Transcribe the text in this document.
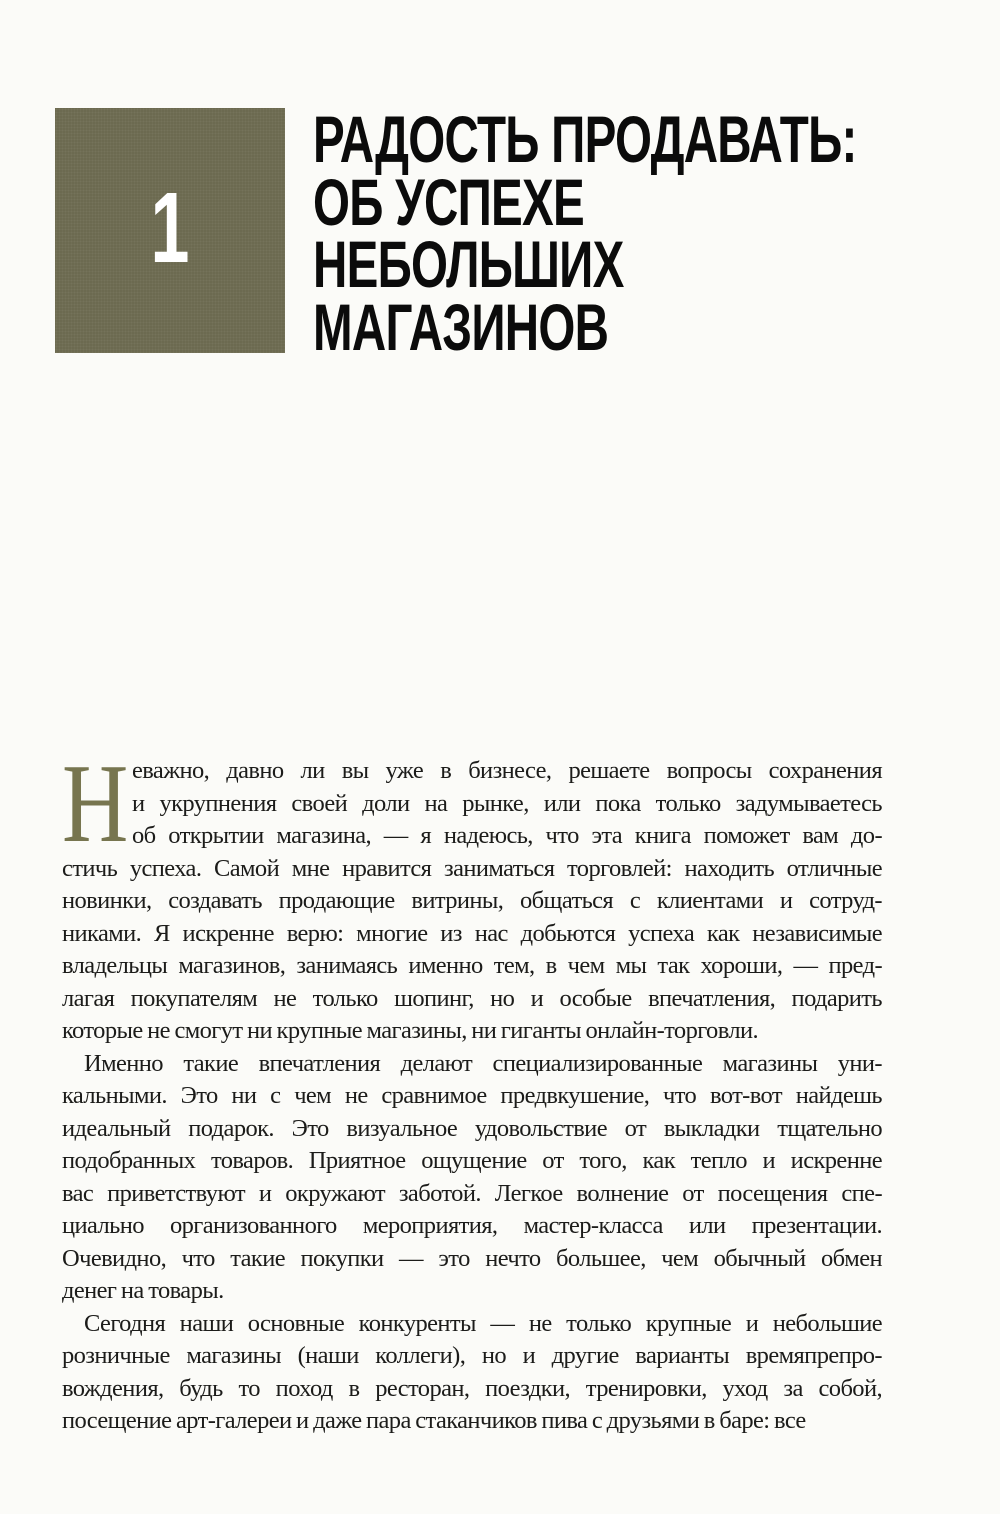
1
РАДОСТЬ ПРОДАВАТЬ:
ОБ УСПЕХЕ
НЕБОЛЬШИХ
МАГАЗИНОВ
Н еважно, давно ли вы уже в бизнесе, решаете вопросы сохранения
и укрупнения своей доли на рынке, или пока только задумываетесь
об открытии магазина, — я надеюсь, что эта книга поможет вам до-
стичь успеха. Самой мне нравится заниматься торговлей: находить отличные
новинки, создавать продающие витрины, общаться с клиентами и сотруд-
никами. Я искренне верю: многие из нас добьются успеха как независимые
владельцы магазинов, занимаясь именно тем, в чем мы так хороши, — пред-
лагая покупателям не только шопинг, но и особые впечатления, подарить
которые не смогут ни крупные магазины, ни гиганты онлайн-торговли.
Именно такие впечатления делают специализированные магазины уни-
кальными. Это ни с чем не сравнимое предвкушение, что вот-вот найдешь
идеальный подарок. Это визуальное удовольствие от выкладки тщательно
подобранных товаров. Приятное ощущение от того, как тепло и искренне
вас приветствуют и окружают заботой. Легкое волнение от посещения спе-
циально организованного мероприятия, мастер-класса или презентации.
Очевидно, что такие покупки — это нечто большее, чем обычный обмен
денег на товары.
Сегодня наши основные конкуренты — не только крупные и небольшие
розничные магазины (наши коллеги), но и другие варианты времяпрепро-
вождения, будь то поход в ресторан, поездки, тренировки, уход за собой,
посещение арт-галереи и даже пара стаканчиков пива с друзьями в баре: все
